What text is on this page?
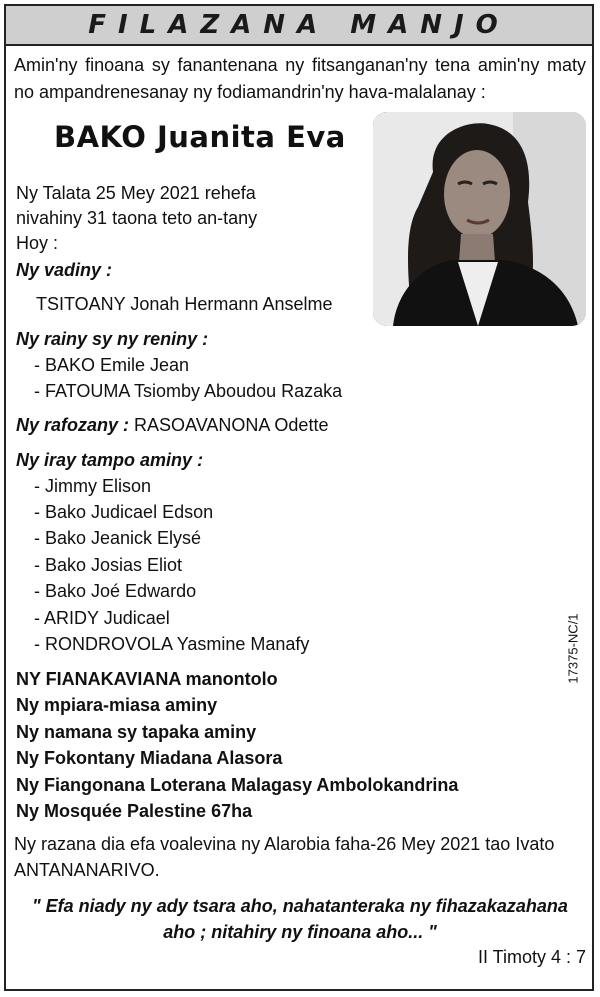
FILAZANA MANJO
Amin'ny finoana sy fanantenana ny fitsanganan'ny tena amin'ny maty no ampandrenesanay ny fodiamandrin'ny hava-malalanay :
BAKO Juanita Eva
Ny Talata 25 Mey 2021 rehefa
nivahiny 31 taona teto an-tany
Hoy :
Ny vadiny :
TSITOANY Jonah Hermann Anselme
Ny rainy sy ny reniny :
- BAKO Emile Jean
- FATOUMA Tsiomby Aboudou Razaka
Ny rafozany : RASOAVANONA Odette
Ny iray tampo aminy :
- Jimmy Elison
- Bako Judicael Edson
- Bako Jeanick Elysé
- Bako Josias Eliot
- Bako Joé Edwardo
- ARIDY Judicael
- RONDROVOLA Yasmine Manafy	17375-NC/1
NY FIANAKAVIANA manontolo
Ny mpiara-miasa aminy
Ny namana sy tapaka aminy
Ny Fokontany Miadana Alasora
Ny Fiangonana Loterana Malagasy Ambolokandrina
Ny Mosquée Palestine 67ha
Ny razana dia efa voalevina ny Alarobia faha-26 Mey 2021 tao Ivato ANTANANARIVO.
" Efa niady ny ady tsara aho, nahatanteraka ny fihazakazahana aho ; nitahiry ny finoana aho... "
II Timoty 4 : 7
